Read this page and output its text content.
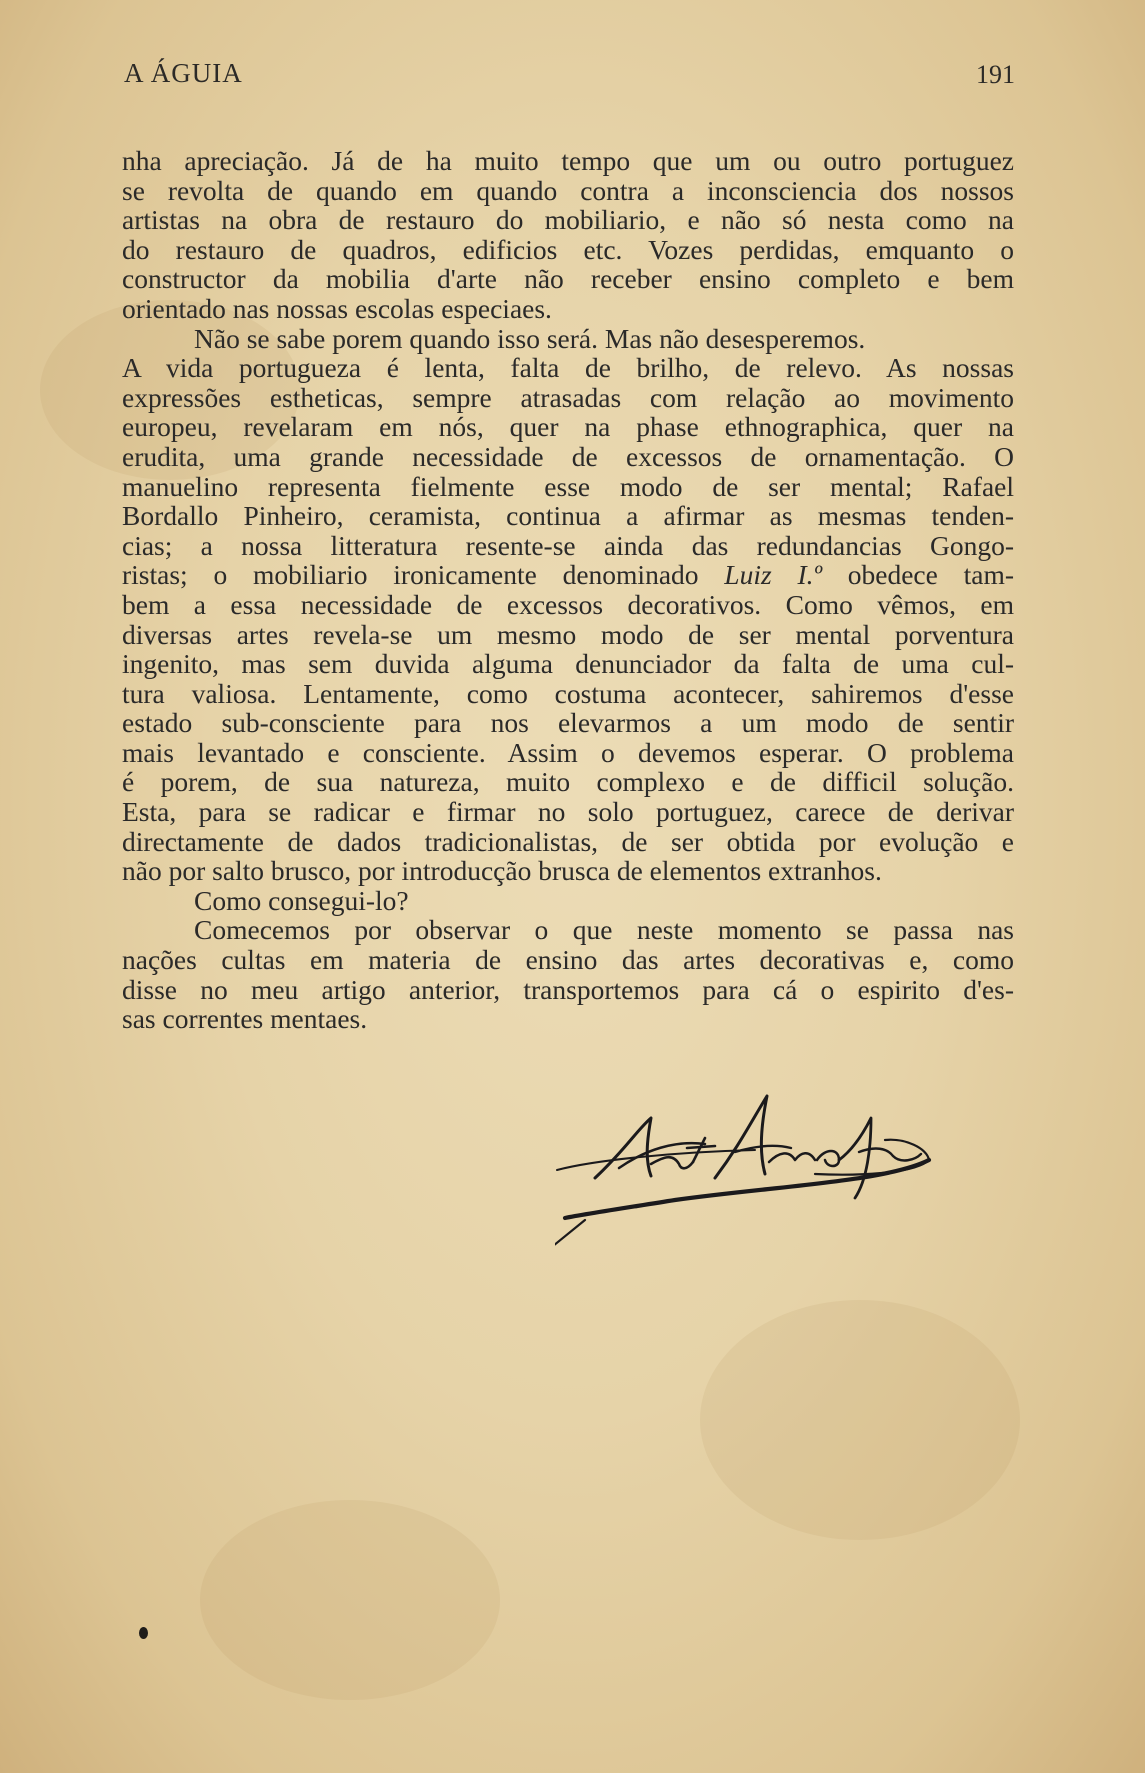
A ÁGUIA	191

nha apreciação. Já de ha muito tempo que um ou outro portuguez
se revolta de quando em quando contra a inconsciencia dos nossos
artistas na obra de restauro do mobiliario, e não só nesta como na
do restauro de quadros, edificios etc. Vozes perdidas, emquanto o
constructor da mobilia d'arte não receber ensino completo e bem
orientado nas nossas escolas especiaes.

Não se sabe porem quando isso será. Mas não desesperemos.

A vida portugueza é lenta, falta de brilho, de relevo. As nossas
expressões estheticas, sempre atrasadas com relação ao movimento
europeu, revelaram em nós, quer na phase ethnographica, quer na
erudita, uma grande necessidade de excessos de ornamentação. O
manuelino representa fielmente esse modo de ser mental; Rafael
Bordallo Pinheiro, ceramista, continua a afirmar as mesmas tenden-
cias; a nossa litteratura resente-se ainda das redundancias Gongo-
ristas; o mobiliario ironicamente denominado Luiz I.º obedece tam-
bem a essa necessidade de excessos decorativos. Como vêmos, em
diversas artes revela-se um mesmo modo de ser mental porventura
ingenito, mas sem duvida alguma denunciador da falta de uma cul-
tura valiosa. Lentamente, como costuma acontecer, sahiremos d'esse
estado sub-consciente para nos elevarmos a um modo de sentir
mais levantado e consciente. Assim o devemos esperar. O problema
é porem, de sua natureza, muito complexo e de difficil solução.
Esta, para se radicar e firmar no solo portuguez, carece de derivar
directamente de dados tradicionalistas, de ser obtida por evolução e
não por salto brusco, por introducção brusca de elementos extranhos.

Como consegui-lo?

Comecemos por observar o que neste momento se passa nas
nações cultas em materia de ensino das artes decorativas e, como
disse no meu artigo anterior, transportemos para cá o espirito d'es-
sas correntes mentaes.
